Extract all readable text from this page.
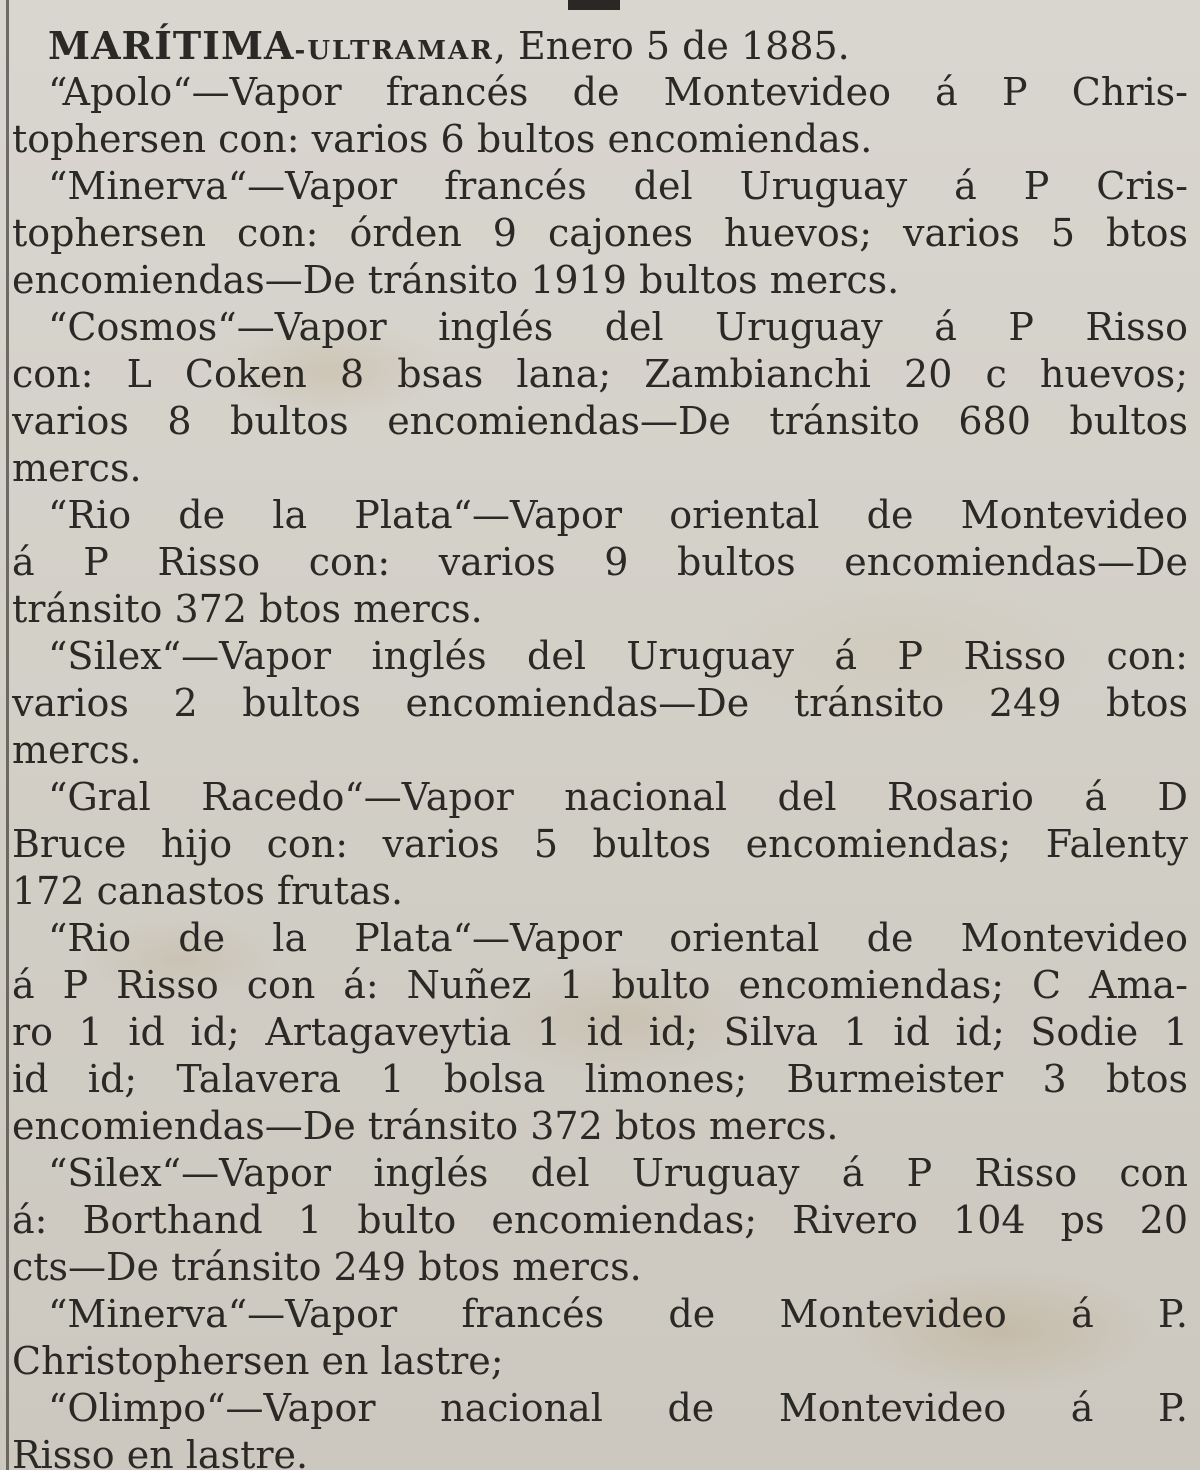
MARÍTIMA-ULTRAMAR, Enero 5 de 1885.
“Apolo“—Vapor francés de Montevideo á P Chris-
tophersen con: varios 6 bultos encomiendas.
“Minerva“—Vapor francés del Uruguay á P Cris-
tophersen con: órden 9 cajones huevos; varios 5 btos
encomiendas—De tránsito 1919 bultos mercs.
“Cosmos“—Vapor inglés del Uruguay á P Risso
con: L Coken 8 bsas lana; Zambianchi 20 c huevos;
varios 8 bultos encomiendas—De tránsito 680 bultos
mercs.
“Rio de la Plata“—Vapor oriental de Montevideo
á P Risso con: varios 9 bultos encomiendas—De
tránsito 372 btos mercs.
“Silex“—Vapor inglés del Uruguay á P Risso con:
varios 2 bultos encomiendas—De tránsito 249 btos
mercs.
“Gral Racedo“—Vapor nacional del Rosario á D
Bruce hijo con: varios 5 bultos encomiendas; Falenty
172 canastos frutas.
“Rio de la Plata“—Vapor oriental de Montevideo
á P Risso con á: Nuñez 1 bulto encomiendas; C Ama-
ro 1 id id; Artagaveytia 1 id id; Silva 1 id id; Sodie 1
id id; Talavera 1 bolsa limones; Burmeister 3 btos
encomiendas—De tránsito 372 btos mercs.
“Silex“—Vapor inglés del Uruguay á P Risso con
á: Borthand 1 bulto encomiendas; Rivero 104 ps 20
cts—De tránsito 249 btos mercs.
“Minerva“—Vapor francés de Montevideo á P.
Christophersen en lastre;
“Olimpo“—Vapor nacional de Montevideo á P.
Risso en lastre.
